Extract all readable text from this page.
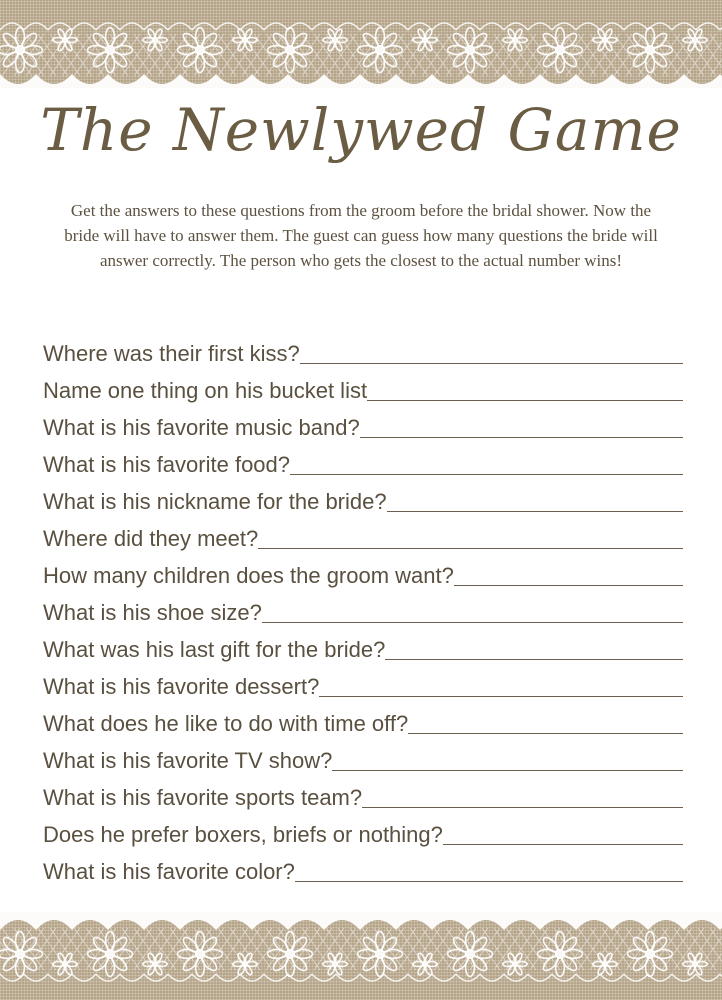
The Newlywed Game

Get the answers to these questions from the groom before the bridal shower. Now the bride will have to answer them. The guest can guess how many questions the bride will answer correctly. The person who gets the closest to the actual number wins!

Where was their first kiss?
Name one thing on his bucket list
What is his favorite music band?
What is his favorite food?
What is his nickname for the bride?
Where did they meet?
How many children does the groom want?
What is his shoe size?
What was his last gift for the bride?
What is his favorite dessert?
What does he like to do with time off?
What is his favorite TV show?
What is his favorite sports team?
Does he prefer boxers, briefs or nothing?
What is his favorite color?
